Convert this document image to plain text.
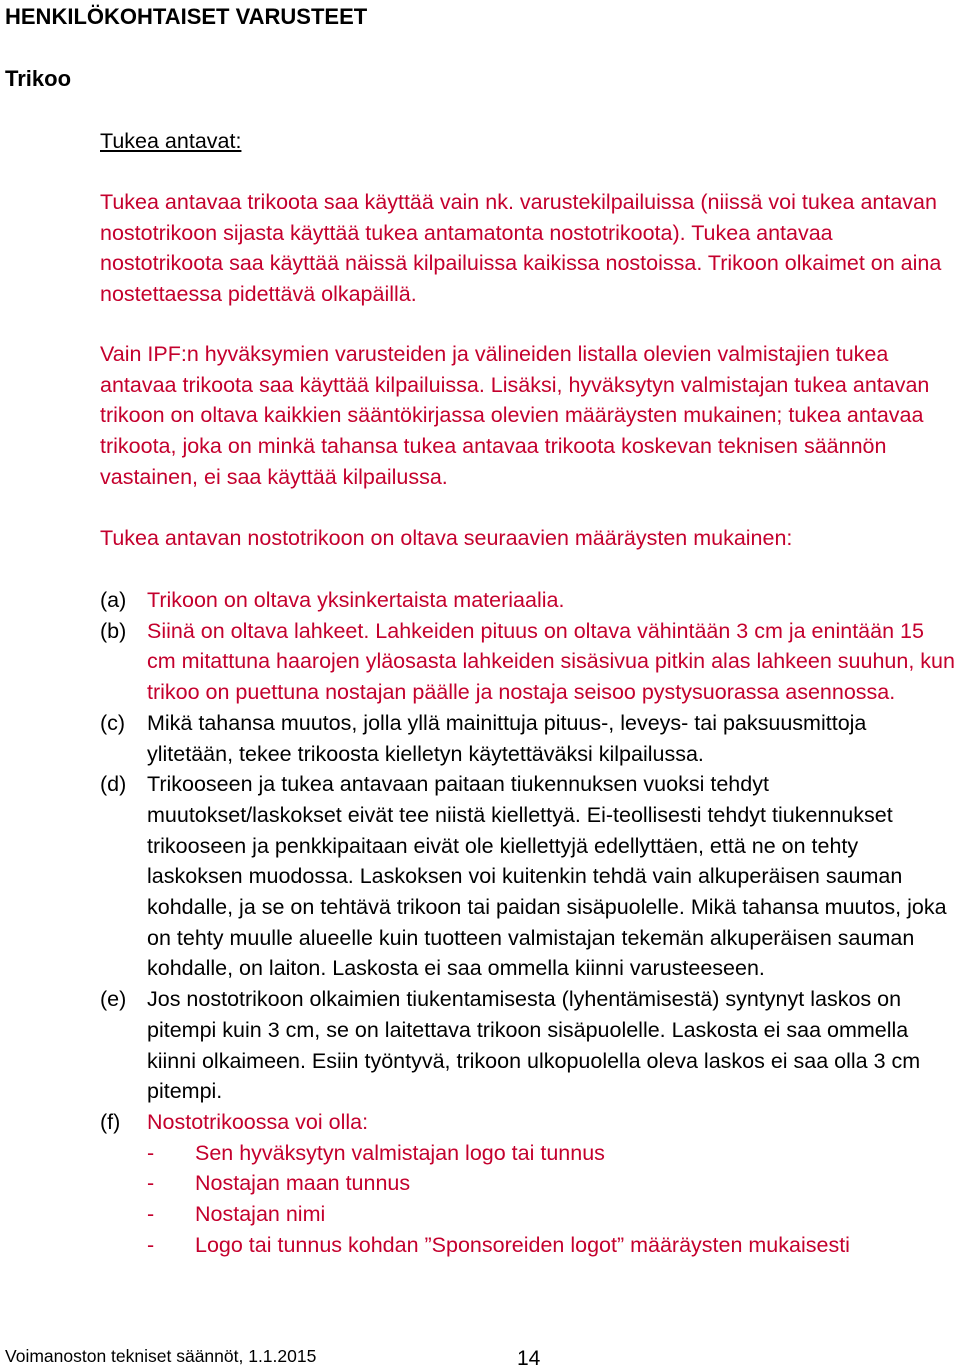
HENKILÖKOHTAISET VARUSTEET
Trikoo

Tukea antavat:

Tukea antavaa trikoota saa käyttää vain nk. varustekilpailuissa (niissä voi tukea antavan nostotrikoon sijasta käyttää tukea antamatonta nostotrikoota). Tukea antavaa nostotrikoota saa käyttää näissä kilpailuissa kaikissa nostoissa. Trikoon olkaimet on aina nostettaessa pidettävä olkapäillä.

Vain IPF:n hyväksymien varusteiden ja välineiden listalla olevien valmistajien tukea antavaa trikoota saa käyttää kilpailuissa. Lisäksi, hyväksytyn valmistajan tukea antavan trikoon on oltava kaikkien sääntökirjassa olevien määräysten mukainen; tukea antavaa trikoota, joka on minkä tahansa tukea antavaa trikoota koskevan teknisen säännön vastainen, ei saa käyttää kilpailussa.

Tukea antavan nostotrikoon on oltava seuraavien määräysten mukainen:

(a) Trikoon on oltava yksinkertaista materiaalia.
(b) Siinä on oltava lahkeet. Lahkeiden pituus on oltava vähintään 3 cm ja enintään 15 cm mitattuna haarojen yläosasta lahkeiden sisäsivua pitkin alas lahkeen suuhun, kun trikoo on puettuna nostajan päälle ja nostaja seisoo pystysuorassa asennossa.
(c)	Mikä tahansa muutos, jolla yllä mainittuja pituus-, leveys- tai paksuusmittoja ylitetään, tekee trikoosta kielletyn käytettäväksi kilpailussa.
(d) Trikooseen ja tukea antavaan paitaan tiukennuksen vuoksi tehdyt muutokset/laskokset eivät tee niistä kiellettyä. Ei-teollisesti tehdyt tiukennukset trikooseen ja penkkipaitaan eivät ole kiellettyjä edellyttäen, että ne on tehty laskoksen muodossa. Laskoksen voi kuitenkin tehdä vain alkuperäisen sauman kohdalle, ja se on tehtävä trikoon tai paidan sisäpuolelle. Mikä tahansa muutos, joka on tehty muulle alueelle kuin tuotteen valmistajan tekemän alkuperäisen sauman kohdalle, on laiton. Laskosta ei saa ommella kiinni varusteeseen.
(e) Jos nostotrikoon olkaimien tiukentamisesta (lyhentämisestä) syntynyt laskos on pitempi kuin 3 cm, se on laitettava trikoon sisäpuolelle. Laskosta ei saa ommella kiinni olkaimeen. Esiin työntyvä, trikoon ulkopuolella oleva laskos ei saa olla 3 cm pitempi.
(f)	Nostotrikoossa voi olla:
-	Sen hyväksytyn valmistajan logo tai tunnus
-	Nostajan maan tunnus
-	Nostajan nimi
-	Logo tai tunnus kohdan ”Sponsoreiden logot” määräysten mukaisesti

Voimanoston tekniset säännöt, 1.1.2015	14
